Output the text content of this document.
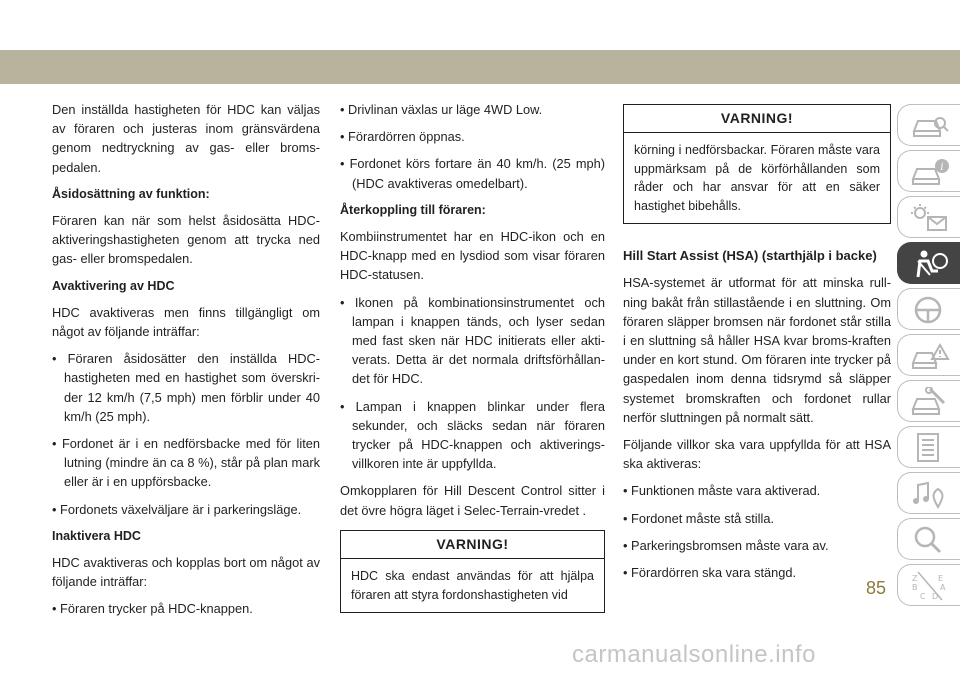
Den inställda hastigheten för HDC kan väljas av föraren och justeras inom gränsvärdena genom nedtryckning av gas- eller broms-pedalen.

Åsidosättning av funktion:

Föraren kan när som helst åsidosätta HDC-aktiveringshastigheten genom att trycka ned gas- eller bromspedalen.

Avaktivering av HDC

HDC avaktiveras men finns tillgängligt om något av följande inträffar:

• Föraren åsidosätter den inställda HDC-hastigheten med en hastighet som överskri-der 12 km/h (7,5 mph) men förblir under 40 km/h (25 mph).

• Fordonet är i en nedförsbacke med för liten lutning (mindre än ca 8 %), står på plan mark eller är i en uppförsbacke.

• Fordonets växelväljare är i parkeringsläge.

Inaktivera HDC

HDC avaktiveras och kopplas bort om något av följande inträffar:

• Föraren trycker på HDC-knappen.

• Drivlinan växlas ur läge 4WD Low.

• Förardörren öppnas.

• Fordonet körs fortare än 40 km/h. (25 mph) (HDC avaktiveras omedelbart).

Återkoppling till föraren:

Kombiinstrumentet har en HDC-ikon och en HDC-knapp med en lysdiod som visar föraren HDC-statusen.

• Ikonen på kombinationsinstrumentet och lampan i knappen tänds, och lyser sedan med fast sken när HDC initierats eller akti-verats. Detta är det normala driftsförhållan-det för HDC.

• Lampan i knappen blinkar under flera sekunder, och släcks sedan när föraren trycker på HDC-knappen och aktiverings-villkoren inte är uppfyllda.

Omkopplaren för Hill Descent Control sitter i det övre högra läget i Selec-Terrain-vredet .

VARNING!
HDC ska endast användas för att hjälpa föraren att styra fordonshastigheten vid
VARNING!
körning i nedförsbackar. Föraren måste vara uppmärksam på de körförhållanden som råder och har ansvar för att en säker hastighet bibehålls.

Hill Start Assist (HSA) (starthjälp i backe)

HSA-systemet är utformat för att minska rull-ning bakåt från stillastående i en sluttning. Om föraren släpper bromsen när fordonet står stilla i en sluttning så håller HSA kvar broms-kraften under en kort stund. Om föraren inte trycker på gaspedalen inom denna tidsrymd så släpper systemet bromskraften och fordonet rullar nerför sluttningen på normalt sätt.

Följande villkor ska vara uppfyllda för att HSA ska aktiveras:

• Funktionen måste vara aktiverad.

• Fordonet måste stå stilla.

• Parkeringsbromsen måste vara av.

• Förardörren ska vara stängd.

i
Z	E
B	A
C D
85
carmanualsonline.info
